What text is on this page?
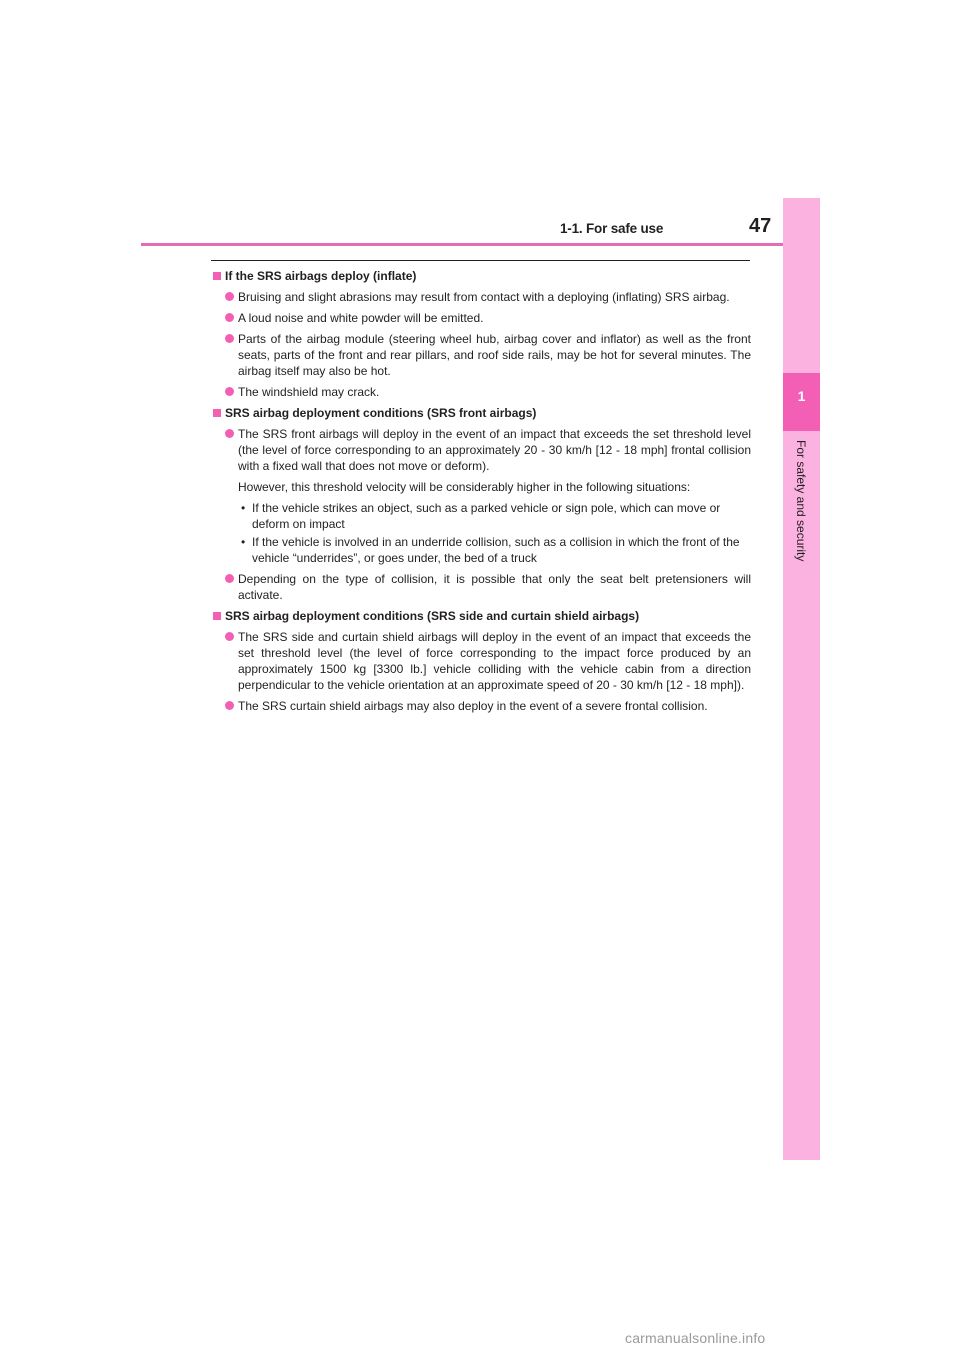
1-1. For safe use	47
1
For safety and security
If the SRS airbags deploy (inflate)
Bruising and slight abrasions may result from contact with a deploying (inflating) SRS airbag.
A loud noise and white powder will be emitted.
Parts of the airbag module (steering wheel hub, airbag cover and inflator) as well as the front seats, parts of the front and rear pillars, and roof side rails, may be hot for several minutes. The airbag itself may also be hot.
The windshield may crack.
SRS airbag deployment conditions (SRS front airbags)
The SRS front airbags will deploy in the event of an impact that exceeds the set threshold level (the level of force corresponding to an approximately 20 - 30 km/h [12 - 18 mph] frontal collision with a fixed wall that does not move or deform).
However, this threshold velocity will be considerably higher in the following situations:
• If the vehicle strikes an object, such as a parked vehicle or sign pole, which can move or deform on impact
• If the vehicle is involved in an underride collision, such as a collision in which the front of the vehicle “underrides”, or goes under, the bed of a truck
Depending on the type of collision, it is possible that only the seat belt pretensioners will activate.
SRS airbag deployment conditions (SRS side and curtain shield airbags)
The SRS side and curtain shield airbags will deploy in the event of an impact that exceeds the set threshold level (the level of force corresponding to the impact force produced by an approximately 1500 kg [3300 lb.] vehicle colliding with the vehicle cabin from a direction perpendicular to the vehicle orientation at an approximate speed of 20 - 30 km/h [12 - 18 mph]).
The SRS curtain shield airbags may also deploy in the event of a severe frontal collision.
carmanualsonline.info
